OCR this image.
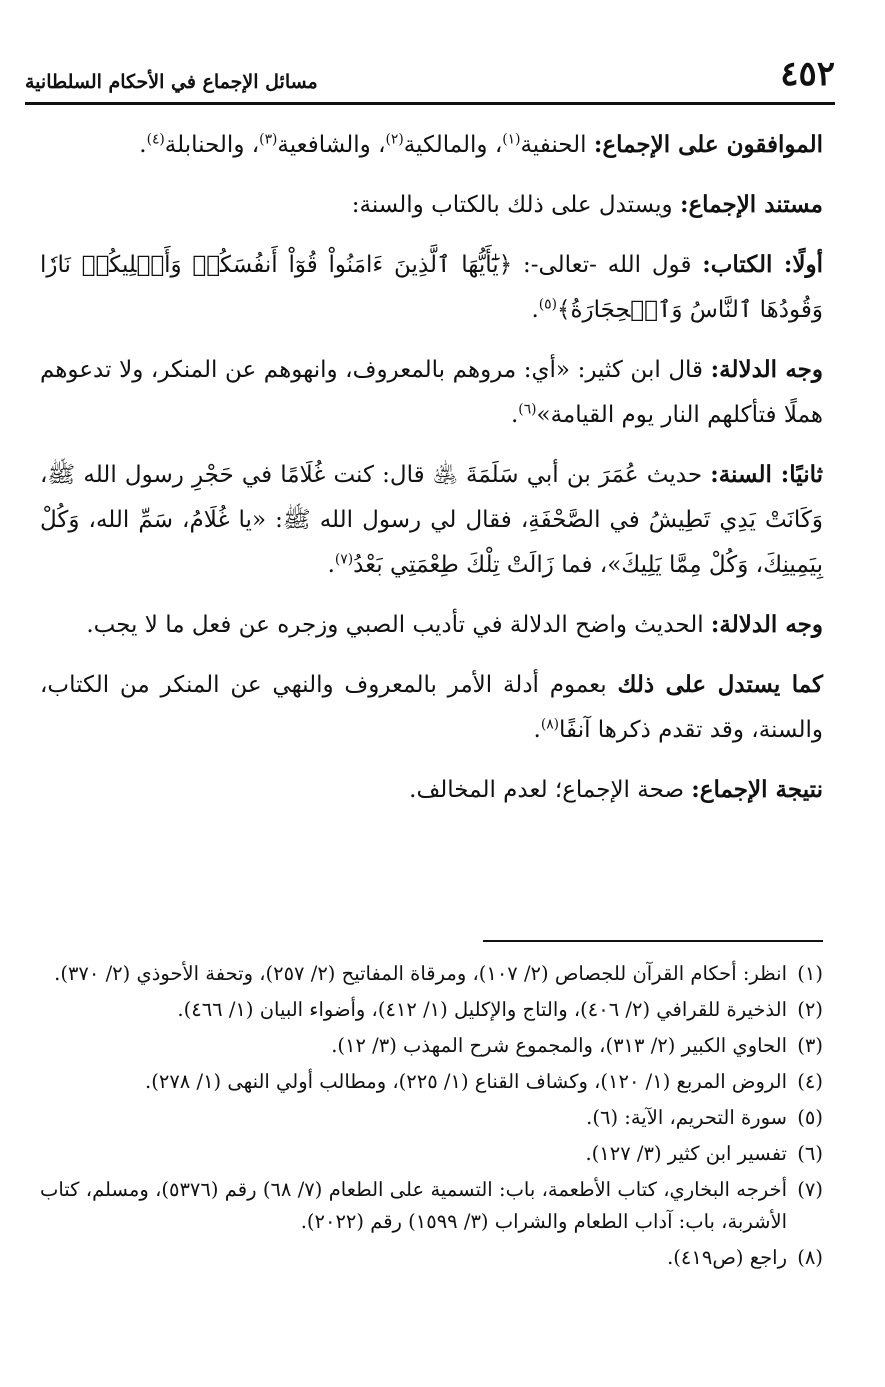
٤٥٢
مسائل الإجماع في الأحكام السلطانية

الموافقون على الإجماع: الحنفية$^{(١)}$، والمالكية$^{(٢)}$، والشافعية$^{(٣)}$، والحنابلة$^{(٤)}$.

مستند الإجماع: ويستدل على ذلك بالكتاب والسنة:

أولًا: الكتاب: قول الله -تعالى-: ﴿يَٰٓأَيُّهَا ٱلَّذِينَ ءَامَنُواْ قُوٓاْ أَنفُسَكُمۡ وَأَهۡلِيكُمۡ نَارٗا وَقُودُهَا ٱلنَّاسُ وَٱلۡحِجَارَةُ﴾$^{(٥)}$.

وجه الدلالة: قال ابن كثير: «أي: مروهم بالمعروف، وانهوهم عن المنكر، ولا تدعوهم هملًا فتأكلهم النار يوم القيامة»$^{(٦)}$.

ثانيًا: السنة: حديث عُمَرَ بن أبي سَلَمَةَ ﵁ قال: كنت غُلَامًا في حَجْرِ رسول الله ﷺ، وَكَانَتْ يَدِي تَطِيشُ في الصَّحْفَةِ، فقال لي رسول الله ﷺ: «يا غُلَامُ، سَمِّ الله، وَكُلْ بِيَمِينِكَ، وَكُلْ مِمَّا يَلِيكَ»، فما زَالَتْ تِلْكَ طِعْمَتِي بَعْدُ$^{(٧)}$.

وجه الدلالة: الحديث واضح الدلالة في تأديب الصبي وزجره عن فعل ما لا يجب.

كما يستدل على ذلك بعموم أدلة الأمر بالمعروف والنهي عن المنكر من الكتاب، والسنة، وقد تقدم ذكرها آنفًا$^{(٨)}$.

نتيجة الإجماع: صحة الإجماع؛ لعدم المخالف.

(١)
انظر: أحكام القرآن للجصاص (٢/ ١٠٧)، ومرقاة المفاتيح (٢/ ٢٥٧)، وتحفة الأحوذي (٢/ ٣٧٠).

(٢)
الذخيرة للقرافي (٢/ ٤٠٦)، والتاج والإكليل (١/ ٤١٢)، وأضواء البيان (١/ ٤٦٦).

(٣)
الحاوي الكبير (٢/ ٣١٣)، والمجموع شرح المهذب (٣/ ١٢).

(٤)
الروض المربع (١/ ١٢٠)، وكشاف القناع (١/ ٢٢٥)، ومطالب أولي النهى (١/ ٢٧٨).

(٥)
سورة التحريم، الآية: (٦).

(٦)
تفسير ابن كثير (٣/ ١٢٧).

(٧)
أخرجه البخاري، كتاب الأطعمة، باب: التسمية على الطعام (٧/ ٦٨) رقم (٥٣٧٦)، ومسلم، كتاب الأشربة، باب: آداب الطعام والشراب (٣/ ١٥٩٩) رقم (٢٠٢٢).

(٨)
راجع (ص٤١٩).
